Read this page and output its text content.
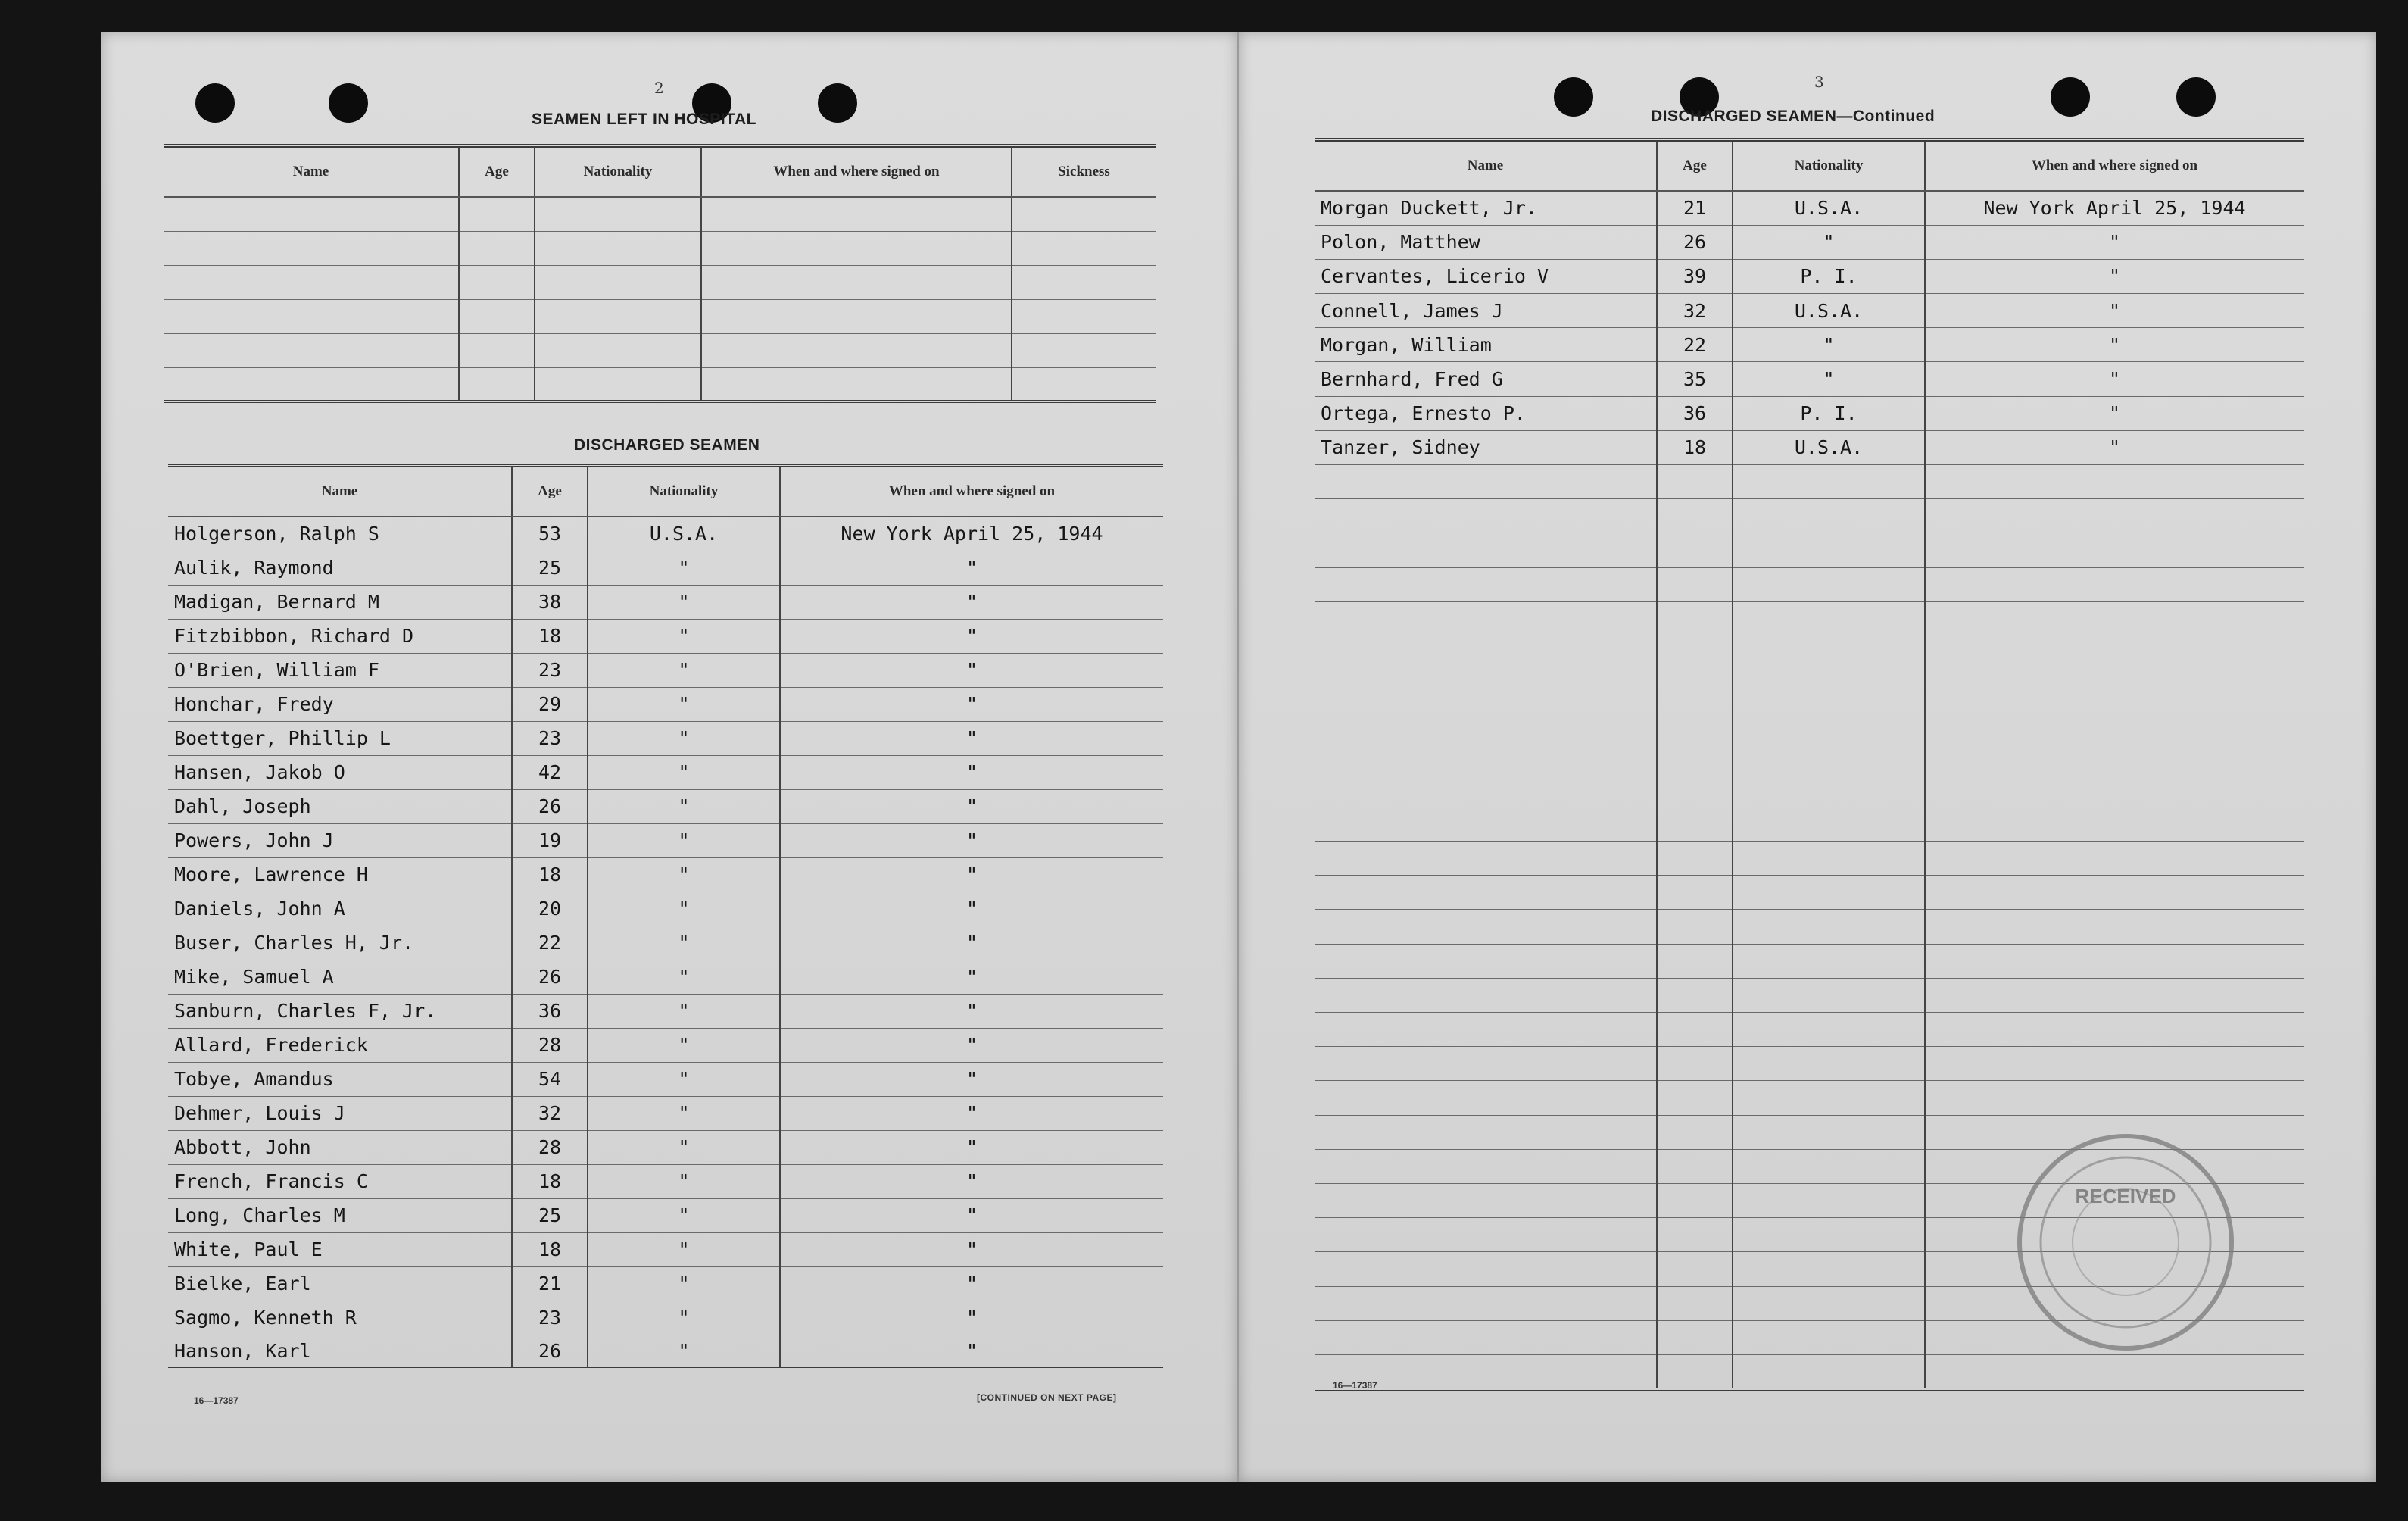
2
SEAMEN LEFT IN HOSPITAL
Name	Age	Nationality	When and where signed on	Sickness

DISCHARGED SEAMEN
Name	Age	Nationality	When and where signed on
Holgerson, Ralph S	53	U.S.A.	New York April 25, 1944
Aulik, Raymond	25	"	"
Madigan, Bernard M	38	"	"
Fitzbibbon, Richard D	18	"	"
O'Brien, William F	23	"	"
Honchar, Fredy	29	"	"
Boettger, Phillip L	23	"	"
Hansen, Jakob O	42	"	"
Dahl, Joseph	26	"	"
Powers, John J	19	"	"
Moore, Lawrence H	18	"	"
Daniels, John A	20	"	"
Buser, Charles H, Jr.	22	"	"
Mike, Samuel A	26	"	"
Sanburn, Charles F, Jr.	36	"	"
Allard, Frederick	28	"	"
Tobye, Amandus	54	"	"
Dehmer, Louis J	32	"	"
Abbott, John	28	"	"
French, Francis C	18	"	"
Long, Charles M	25	"	"
White, Paul E	18	"	"
Bielke, Earl	21	"	"
Sagmo, Kenneth R	23	"	"
Hanson, Karl	26	"	"
16—17387	[CONTINUED ON NEXT PAGE]
3
DISCHARGED SEAMEN—Continued
Name	Age	Nationality	When and where signed on
Morgan Duckett, Jr.	21	U.S.A.	New York April 25, 1944
Polon, Matthew	26	"	"
Cervantes, Licerio V	39	P. I.	"
Connell, James J	32	U.S.A.	"
Morgan, William	22	"	"
Bernhard, Fred G	35	"	"
Ortega, Ernesto P.	36	P. I.	"
Tanzer, Sidney	18	U.S.A.	"

16—17387
RECEIVED
